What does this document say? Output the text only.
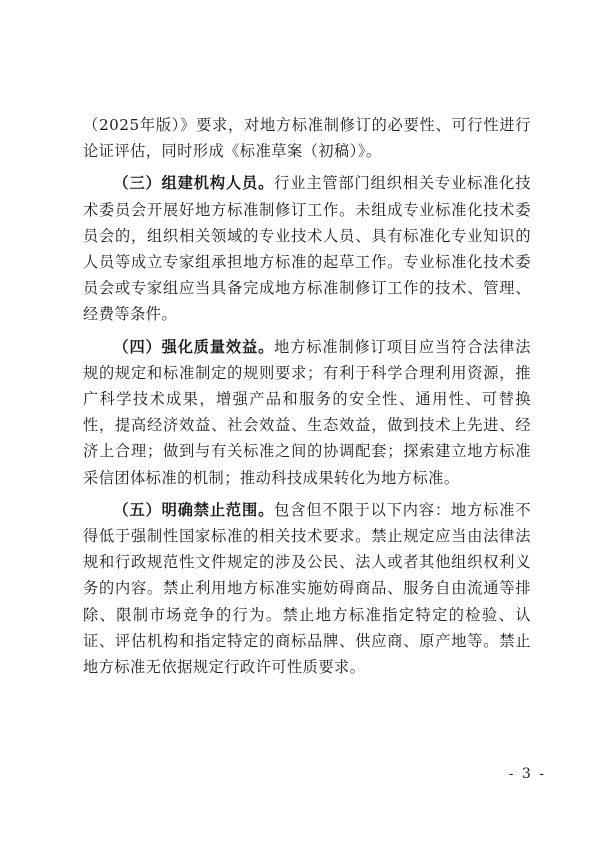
（2025年版）》要求，对地方标准制修订的必要性、可行性进行论证评估，同时形成《标准草案（初稿）》。

（三）组建机构人员。行业主管部门组织相关专业标准化技术委员会开展好地方标准制修订工作。未组成专业标准化技术委员会的，组织相关领域的专业技术人员、具有标准化专业知识的人员等成立专家组承担地方标准的起草工作。专业标准化技术委员会或专家组应当具备完成地方标准制修订工作的技术、管理、经费等条件。

（四）强化质量效益。地方标准制修订项目应当符合法律法规的规定和标准制定的规则要求；有利于科学合理利用资源，推广科学技术成果，增强产品和服务的安全性、通用性、可替换性，提高经济效益、社会效益、生态效益，做到技术上先进、经济上合理；做到与有关标准之间的协调配套；探索建立地方标准采信团体标准的机制；推动科技成果转化为地方标准。

（五）明确禁止范围。包含但不限于以下内容：地方标准不得低于强制性国家标准的相关技术要求。禁止规定应当由法律法规和行政规范性文件规定的涉及公民、法人或者其他组织权利义务的内容。禁止利用地方标准实施妨碍商品、服务自由流通等排除、限制市场竞争的行为。禁止地方标准指定特定的检验、认证、评估机构和指定特定的商标品牌、供应商、原产地等。禁止地方标准无依据规定行政许可性质要求。

- 3 -
